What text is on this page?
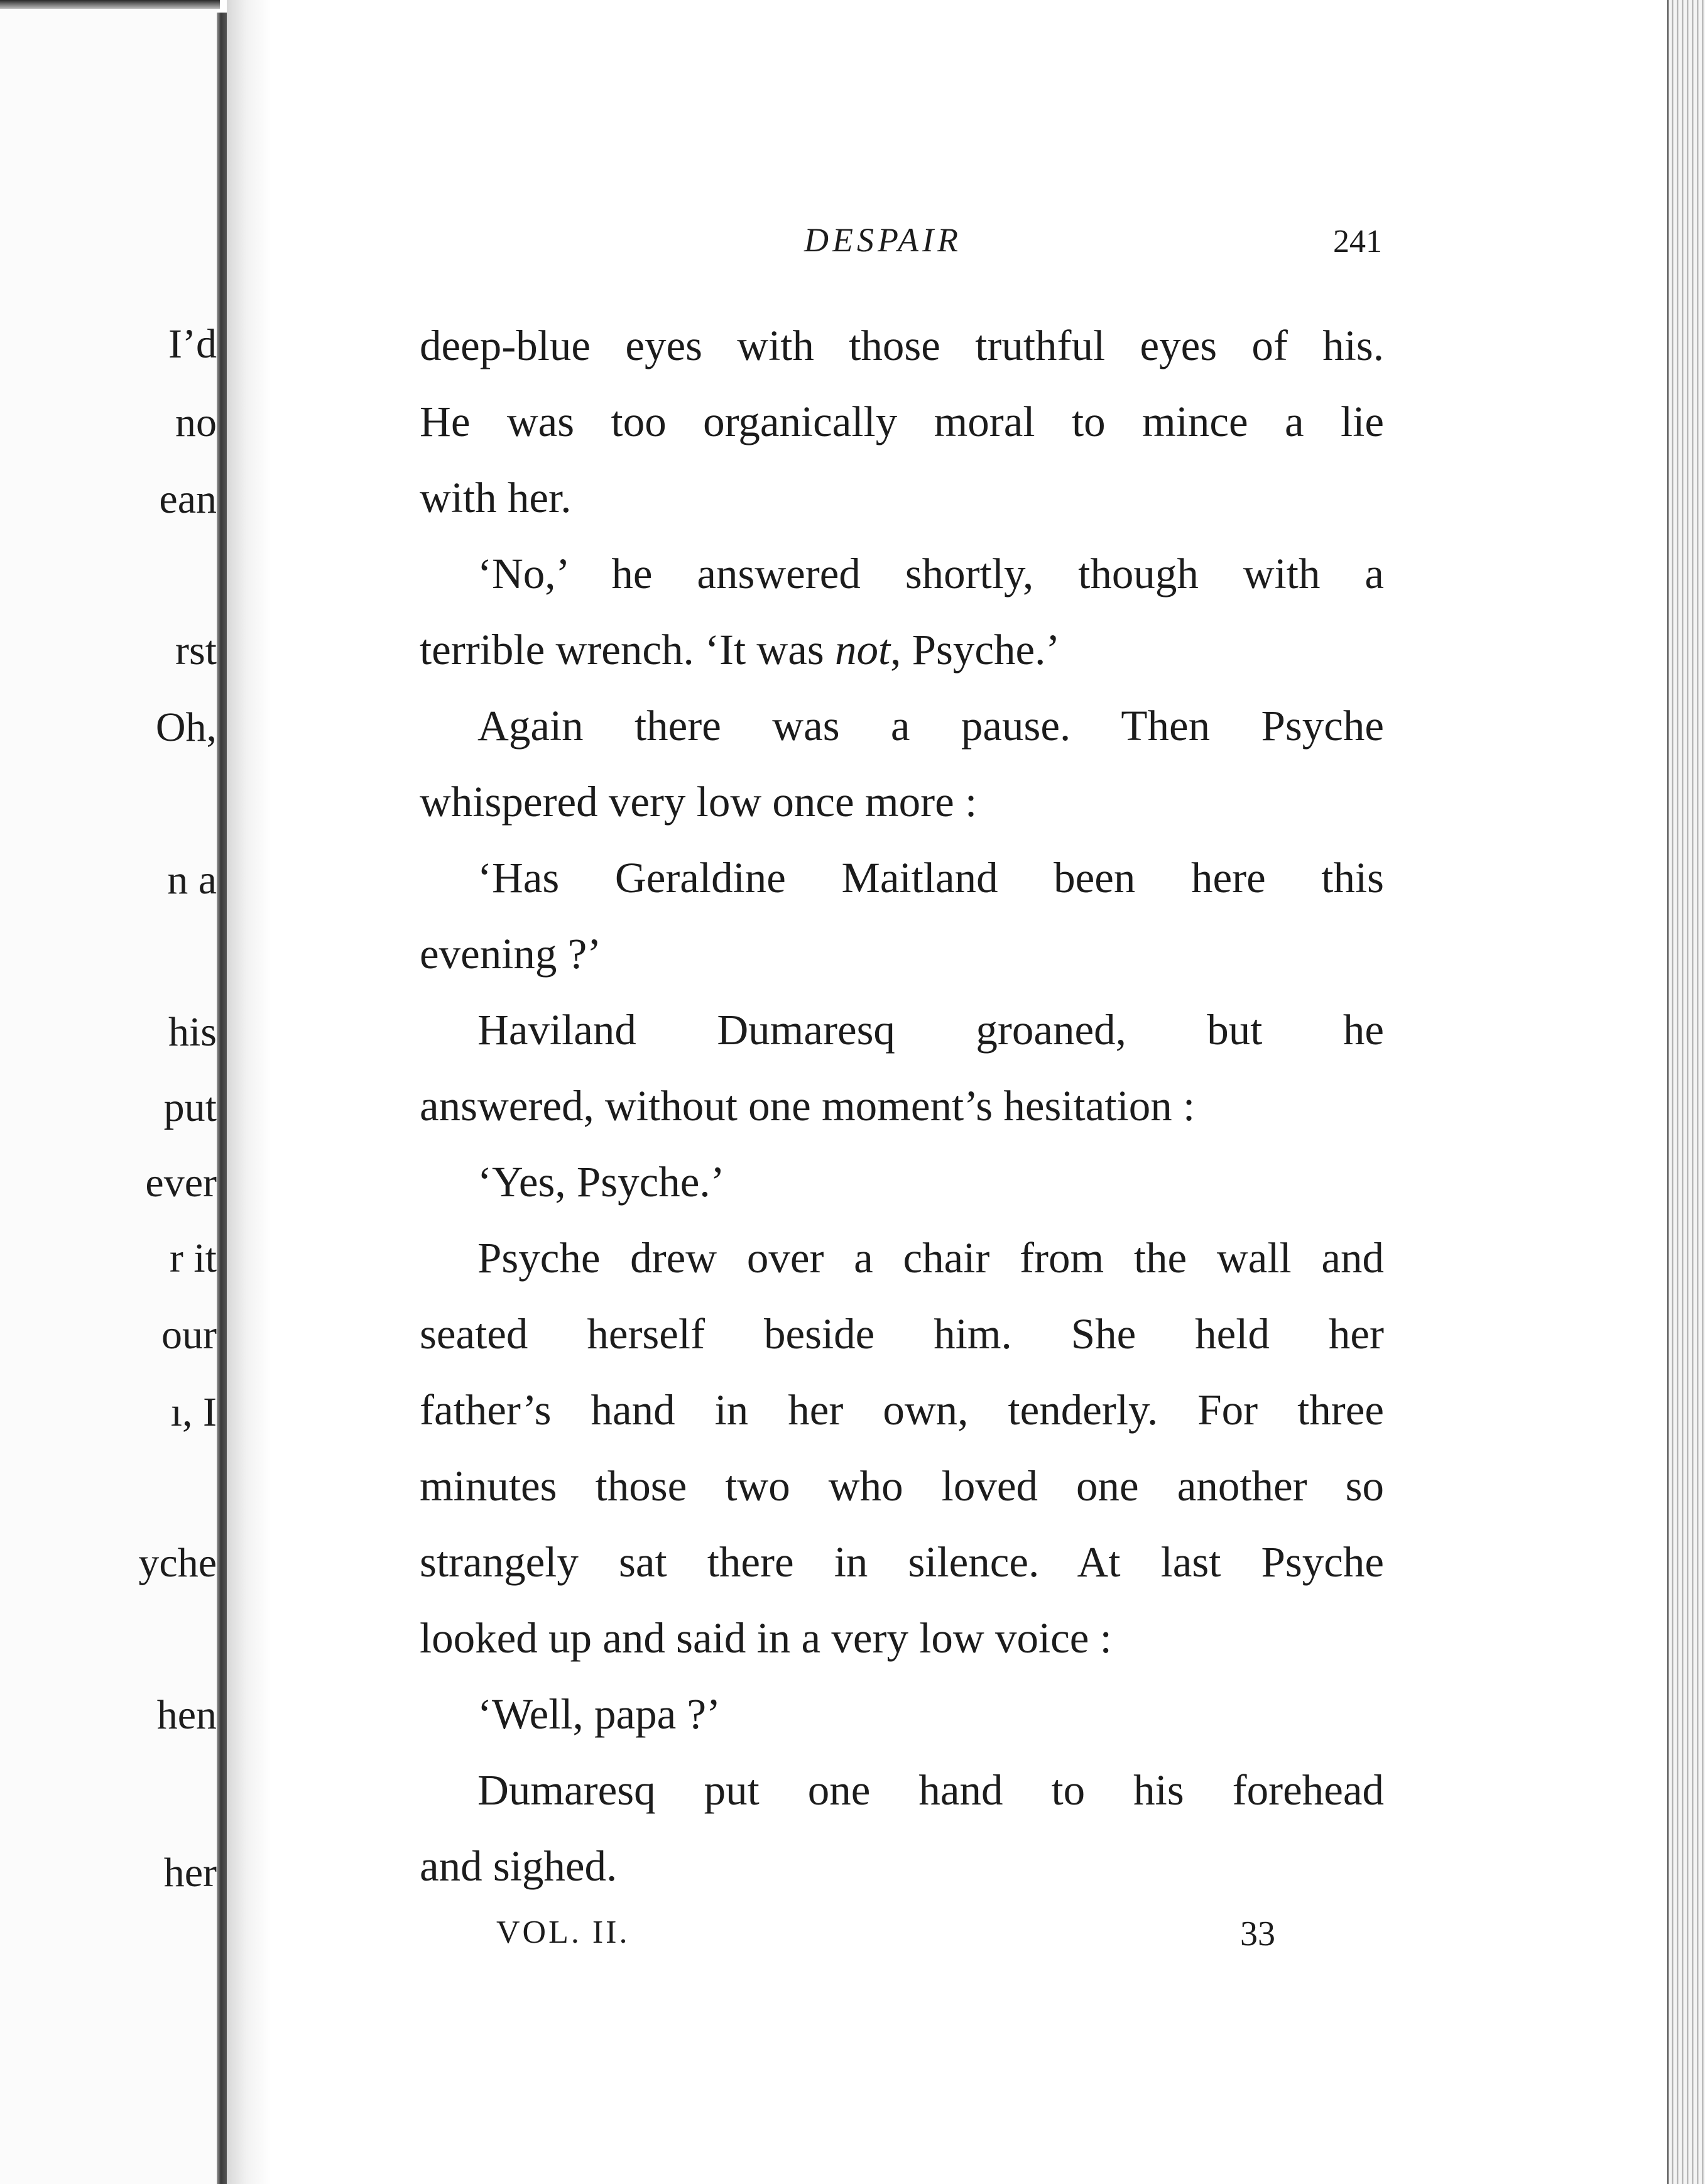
I’d

no

ean

rst

Oh,

n a

his

put

ever

r it

our

ı, I

yche

hen

her

DESPAIR	241

deep-blue eyes with those truthful eyes of his.

He was too organically moral to mince a lie

with her.

‘No,’ he answered shortly, though with a

terrible wrench. ‘It was not, Psyche.’

Again there was a pause. Then Psyche

whispered very low once more :

‘Has Geraldine Maitland been here this

evening ?’

Haviland Dumaresq groaned, but he

answered, without one moment’s hesitation :

‘Yes, Psyche.’

Psyche drew over a chair from the wall and

seated herself beside him. She held her

father’s hand in her own, tenderly. For three

minutes those two who loved one another so

strangely sat there in silence. At last Psyche

looked up and said in a very low voice :

‘Well, papa ?’

Dumaresq put one hand to his forehead

and sighed.

VOL. II.	33
